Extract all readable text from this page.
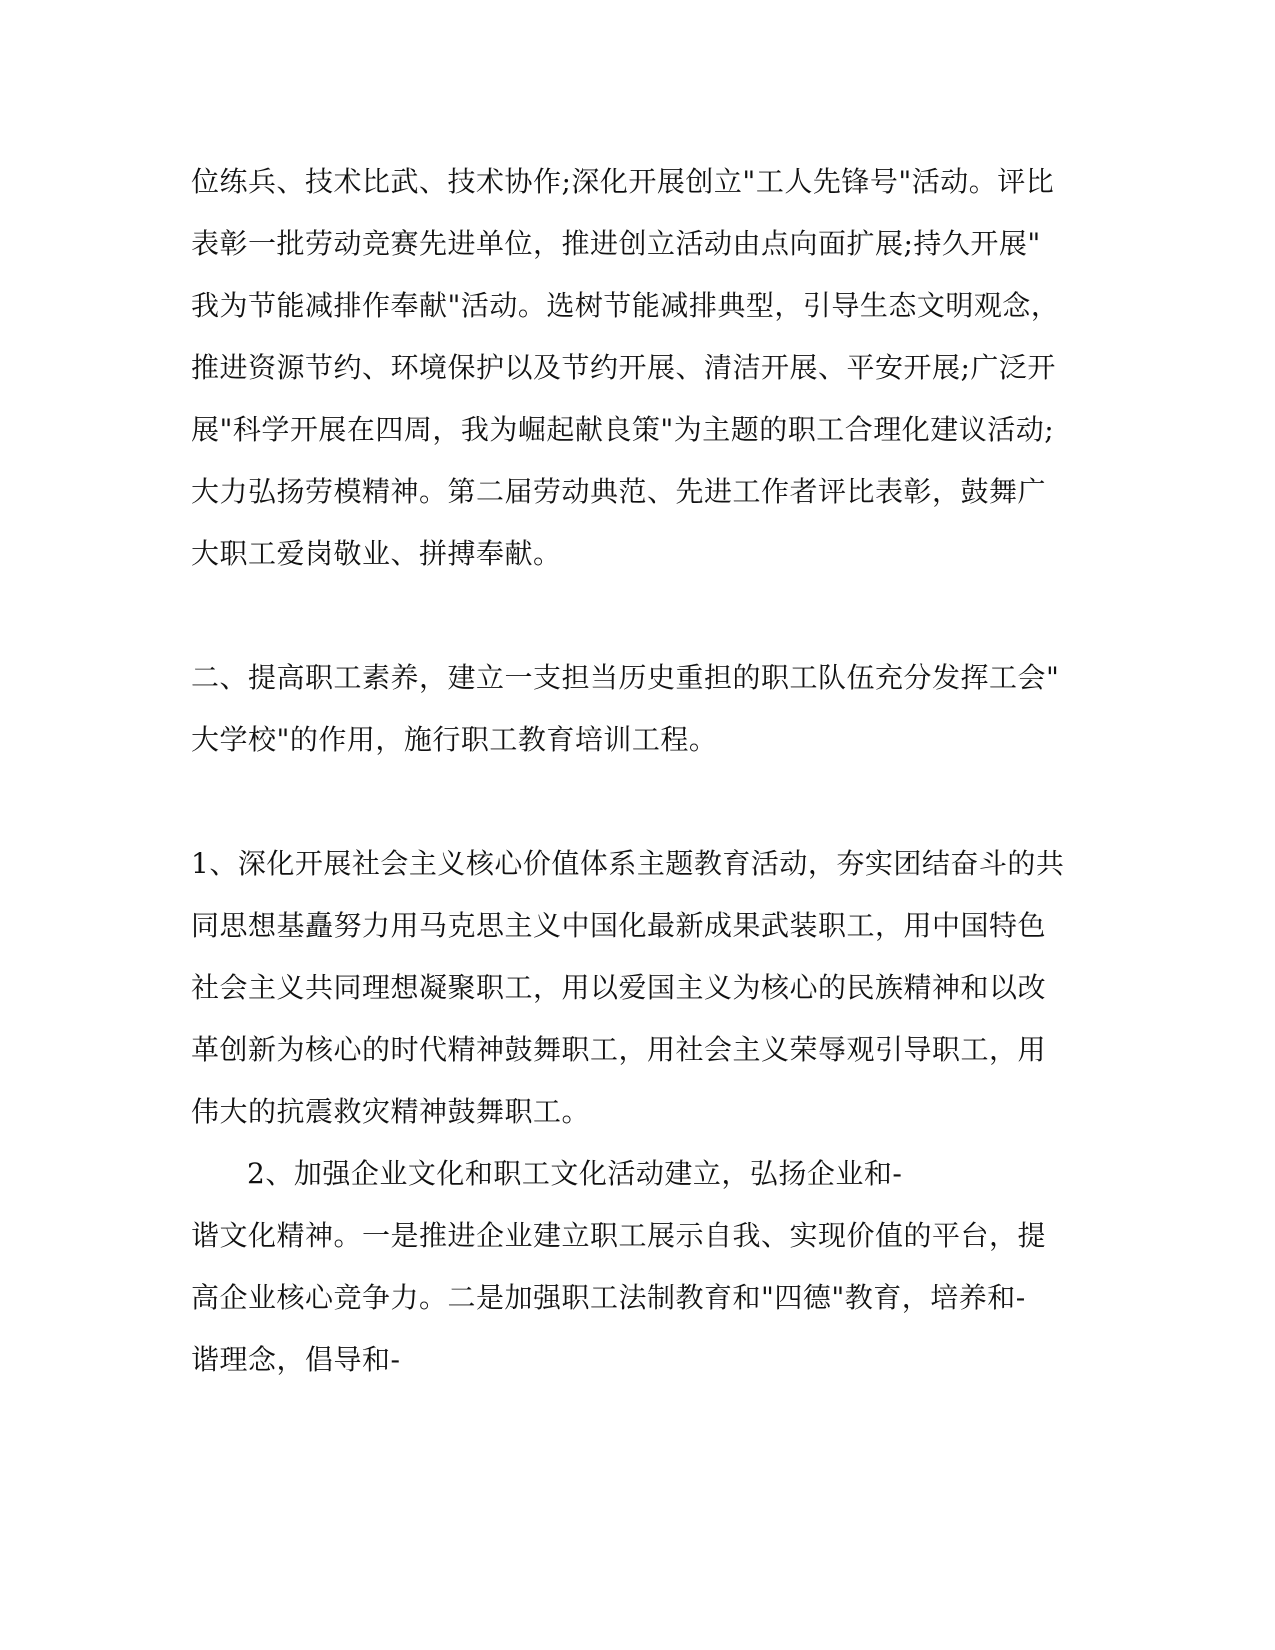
位练兵、技术比武、技术协作;深化开展创立"工人先锋号"活动。评比
表彰一批劳动竞赛先进单位，推进创立活动由点向面扩展;持久开展"
我为节能减排作奉献"活动。选树节能减排典型，引导生态文明观念，
推进资源节约、环境保护以及节约开展、清洁开展、平安开展;广泛开
展"科学开展在四周，我为崛起献良策"为主题的职工合理化建议活动;
大力弘扬劳模精神。第二届劳动典范、先进工作者评比表彰，鼓舞广
大职工爱岗敬业、拼搏奉献。
二、提高职工素养，建立一支担当历史重担的职工队伍充分发挥工会"
大学校"的作用，施行职工教育培训工程。
1、深化开展社会主义核心价值体系主题教育活动，夯实团结奋斗的共
同思想基矗努力用马克思主义中国化最新成果武装职工，用中国特色
社会主义共同理想凝聚职工，用以爱国主义为核心的民族精神和以改
革创新为核心的时代精神鼓舞职工，用社会主义荣辱观引导职工，用
伟大的抗震救灾精神鼓舞职工。
2、加强企业文化和职工文化活动建立，弘扬企业和-
谐文化精神。一是推进企业建立职工展示自我、实现价值的平台，提
高企业核心竞争力。二是加强职工法制教育和"四德"教育，培养和-
谐理念，倡导和-
